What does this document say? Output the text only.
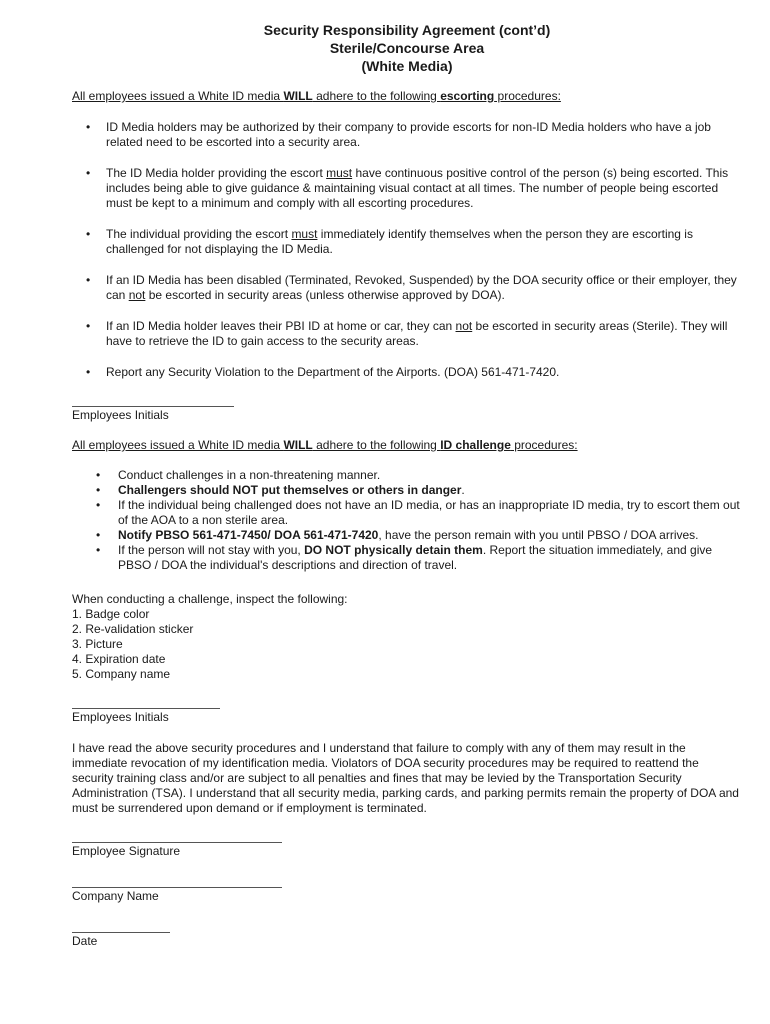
Security Responsibility Agreement (cont’d)
Sterile/Concourse Area
(White Media)
All employees issued a White ID media WILL adhere to the following escorting procedures:
• ID Media holders may be authorized by their company to provide escorts for non-ID Media holders who have a job related need to be escorted into a security area.
• The ID Media holder providing the escort must have continuous positive control of the person (s) being escorted. This includes being able to give guidance & maintaining visual contact at all times. The number of people being escorted must be kept to a minimum and comply with all escorting procedures.
• The individual providing the escort must immediately identify themselves when the person they are escorting is challenged for not displaying the ID Media.
• If an ID Media has been disabled (Terminated, Revoked, Suspended) by the DOA security office or their employer, they can not be escorted in security areas (unless otherwise approved by DOA).
• If an ID Media holder leaves their PBI ID at home or car, they can not be escorted in security areas (Sterile). They will have to retrieve the ID to gain access to the security areas.
• Report any Security Violation to the Department of the Airports. (DOA) 561-471-7420.
Employees Initials
All employees issued a White ID media WILL adhere to the following ID challenge procedures:
• Conduct challenges in a non-threatening manner.
• Challengers should NOT put themselves or others in danger.
• If the individual being challenged does not have an ID media, or has an inappropriate ID media, try to escort them out of the AOA to a non sterile area.
• Notify PBSO 561-471-7450/ DOA 561-471-7420, have the person remain with you until PBSO / DOA arrives.
• If the person will not stay with you, DO NOT physically detain them. Report the situation immediately, and give PBSO / DOA the individual's descriptions and direction of travel.
When conducting a challenge, inspect the following:
1. Badge color
2. Re-validation sticker
3. Picture
4. Expiration date
5. Company name
Employees Initials
I have read the above security procedures and I understand that failure to comply with any of them may result in the immediate revocation of my identification media. Violators of DOA security procedures may be required to reattend the security training class and/or are subject to all penalties and fines that may be levied by the Transportation Security Administration (TSA). I understand that all security media, parking cards, and parking permits remain the property of DOA and must be surrendered upon demand or if employment is terminated.
Employee Signature
Company Name
Date
